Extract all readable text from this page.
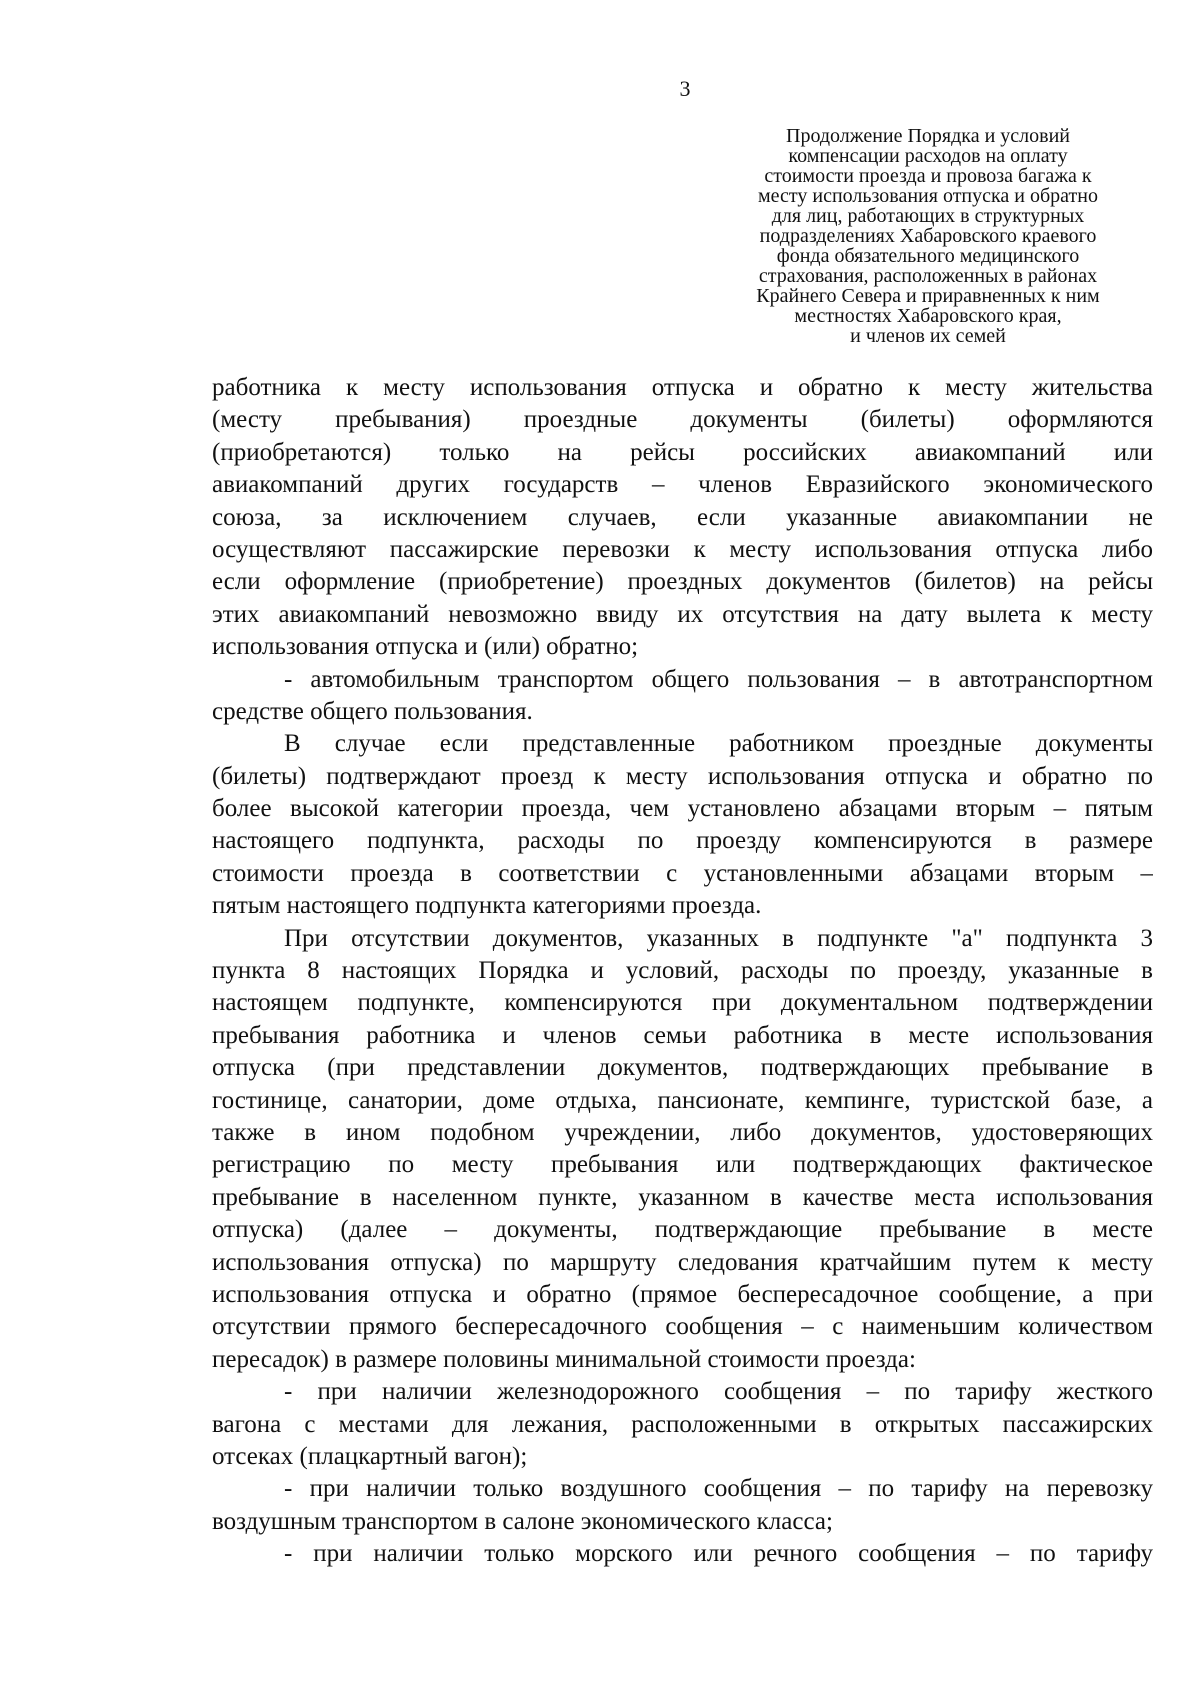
3
Продолжение Порядка и условий
компенсации расходов на оплату
стоимости проезда и провоза багажа к
месту использования отпуска и обратно
для лиц, работающих в структурных
подразделениях Хабаровского краевого
фонда обязательного медицинского
страхования, расположенных в районах
Крайнего Севера и приравненных к ним
местностях Хабаровского края,
и членов их семей
работника к месту использования отпуска и обратно к месту жительства
(месту пребывания) проездные документы (билеты) оформляются
(приобретаются) только на рейсы российских авиакомпаний или
авиакомпаний других государств – членов Евразийского экономического
союза, за исключением случаев, если указанные авиакомпании не
осуществляют пассажирские перевозки к месту использования отпуска либо
если оформление (приобретение) проездных документов (билетов) на рейсы
этих авиакомпаний невозможно ввиду их отсутствия на дату вылета к месту
использования отпуска и (или) обратно;
- автомобильным транспортом общего пользования – в автотранспортном
средстве общего пользования.
В случае если представленные работником проездные документы
(билеты) подтверждают проезд к месту использования отпуска и обратно по
более высокой категории проезда, чем установлено абзацами вторым – пятым
настоящего подпункта, расходы по проезду компенсируются в размере
стоимости проезда в соответствии с установленными абзацами вторым –
пятым настоящего подпункта категориями проезда.
При отсутствии документов, указанных в подпункте "а" подпункта 3
пункта 8 настоящих Порядка и условий, расходы по проезду, указанные в
настоящем подпункте, компенсируются при документальном подтверждении
пребывания работника и членов семьи работника в месте использования
отпуска (при представлении документов, подтверждающих пребывание в
гостинице, санатории, доме отдыха, пансионате, кемпинге, туристской базе, а
также в ином подобном учреждении, либо документов, удостоверяющих
регистрацию по месту пребывания или подтверждающих фактическое
пребывание в населенном пункте, указанном в качестве места использования
отпуска) (далее – документы, подтверждающие пребывание в месте
использования отпуска) по маршруту следования кратчайшим путем к месту
использования отпуска и обратно (прямое беспересадочное сообщение, а при
отсутствии прямого беспересадочного сообщения – с наименьшим количеством
пересадок) в размере половины минимальной стоимости проезда:
- при наличии железнодорожного сообщения – по тарифу жесткого
вагона с местами для лежания, расположенными в открытых пассажирских
отсеках (плацкартный вагон);
- при наличии только воздушного сообщения – по тарифу на перевозку
воздушным транспортом в салоне экономического класса;
- при наличии только морского или речного сообщения – по тарифу
